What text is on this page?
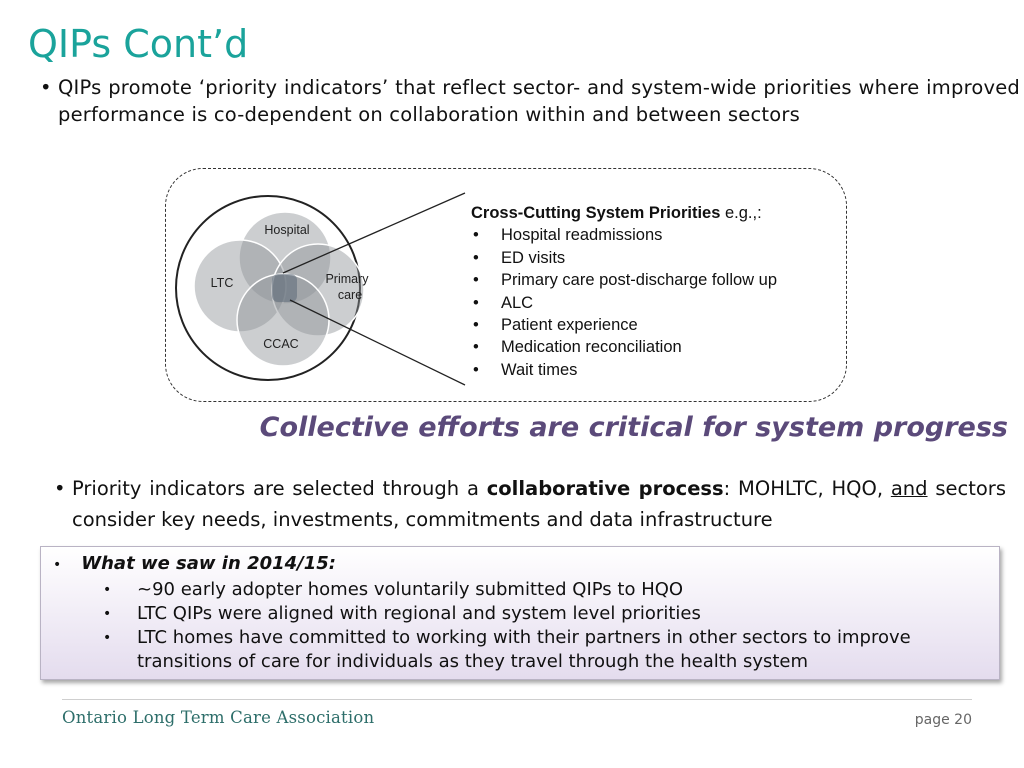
QIPs Cont’d
• QIPs promote ‘priority indicators’ that reflect sector- and system-wide priorities where improved performance is co-dependent on collaboration within and between sectors
Hospital
LTC	Primary
care
CCAC
Cross-Cutting System Priorities e.g.,:
• Hospital readmissions
• ED visits
• Primary care post-discharge follow up
• ALC
• Patient experience
• Medication reconciliation
• Wait times
Collective efforts are critical for system progress
• Priority indicators are selected through a collaborative process: MOHLTC, HQO, and sectors consider key needs, investments, commitments and data infrastructure
• What we saw in 2014/15:
• ~90 early adopter homes voluntarily submitted QIPs to HQO
• LTC QIPs were aligned with regional and system level priorities
• LTC homes have committed to working with their partners in other sectors to improve transitions of care for individuals as they travel through the health system
Ontario Long Term Care Association	page 20
